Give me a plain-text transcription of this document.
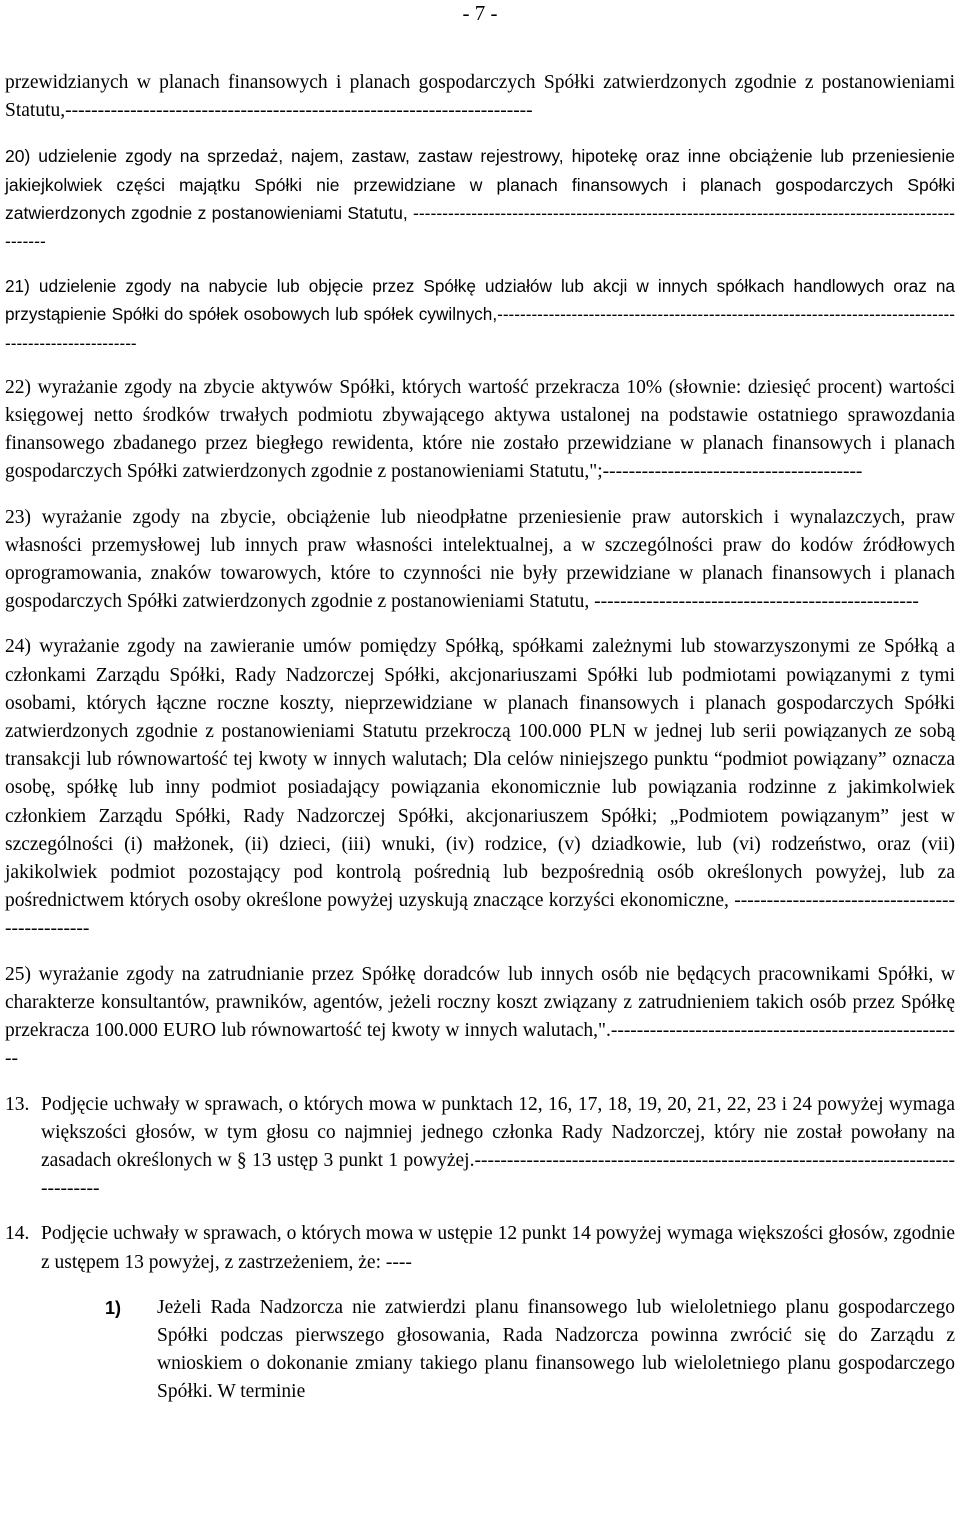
- 7 -

przewidzianych w planach finansowych i planach gospodarczych Spółki zatwierdzonych zgodnie z postanowieniami Statutu,------------------------------------------------------------------------

20) udzielenie zgody na sprzedaż, najem, zastaw, zastaw rejestrowy, hipotekę oraz inne obciążenie lub przeniesienie jakiejkolwiek części majątku Spółki nie przewidziane w planach finansowych i planach gospodarczych Spółki zatwierdzonych zgodnie z postanowieniami Statutu, ----------------------------------------------------------------------------------------------------

21) udzielenie zgody na nabycie lub objęcie przez Spółkę udziałów lub akcji w innych spółkach handlowych oraz na przystąpienie Spółki do spółek osobowych lub spółek cywilnych,-------------------------------------------------------------------------------------------------------

22) wyrażanie zgody na zbycie aktywów Spółki, których wartość przekracza 10% (słownie: dziesięć procent) wartości księgowej netto środków trwałych podmiotu zbywającego aktywa ustalonej na podstawie ostatniego sprawozdania finansowego zbadanego przez biegłego rewidenta, które nie zostało przewidziane w planach finansowych i planach gospodarczych Spółki zatwierdzonych zgodnie z postanowieniami Statutu,";----------------------------------------

23) wyrażanie zgody na zbycie, obciążenie lub nieodpłatne przeniesienie praw autorskich i wynalazczych, praw własności przemysłowej lub innych praw własności intelektualnej, a w szczególności praw do kodów źródłowych oprogramowania, znaków towarowych, które to czynności nie były przewidziane w planach finansowych i planach gospodarczych Spółki zatwierdzonych zgodnie z postanowieniami Statutu, --------------------------------------------------

24) wyrażanie zgody na zawieranie umów pomiędzy Spółką, spółkami zależnymi lub stowarzyszonymi ze Spółką a członkami Zarządu Spółki, Rady Nadzorczej Spółki, akcjonariuszami Spółki lub podmiotami powiązanymi z tymi osobami, których łączne roczne koszty, nieprzewidziane w planach finansowych i planach gospodarczych Spółki zatwierdzonych zgodnie z postanowieniami Statutu przekroczą 100.000 PLN w jednej lub serii powiązanych ze sobą transakcji lub równowartość tej kwoty w innych walutach; Dla celów niniejszego punktu “podmiot powiązany” oznacza osobę, spółkę lub inny podmiot posiadający powiązania ekonomicznie lub powiązania rodzinne z jakimkolwiek członkiem Zarządu Spółki, Rady Nadzorczej Spółki, akcjonariuszem Spółki; „Podmiotem powiązanym” jest w szczególności (i) małżonek, (ii) dzieci, (iii) wnuki, (iv) rodzice, (v) dziadkowie, lub (vi) rodzeństwo, oraz (vii) jakikolwiek podmiot pozostający pod kontrolą pośrednią lub bezpośrednią osób określonych powyżej, lub za pośrednictwem których osoby określone powyżej uzyskują znaczące korzyści ekonomiczne, -----------------------------------------------

25) wyrażanie zgody na zatrudnianie przez Spółkę doradców lub innych osób nie będących pracownikami Spółki, w charakterze konsultantów, prawników, agentów, jeżeli roczny koszt związany z zatrudnieniem takich osób przez Spółkę przekracza 100.000 EURO lub równowartość tej kwoty w innych walutach,".-------------------------------------------------------

13. Podjęcie uchwały w sprawach, o których mowa w punktach 12, 16, 17, 18, 19, 20, 21, 22, 23 i 24 powyżej wymaga większości głosów, w tym głosu co najmniej jednego członka Rady Nadzorczej, który nie został powołany na zasadach określonych w § 13 ustęp 3 punkt 1 powyżej.-----------------------------------------------------------------------------------
14. Podjęcie uchwały w sprawach, o których mowa w ustępie 12 punkt 14 powyżej wymaga większości głosów, zgodnie z ustępem 13 powyżej, z zastrzeżeniem, że: ----
1)	Jeżeli Rada Nadzorcza nie zatwierdzi planu finansowego lub wieloletniego planu gospodarczego Spółki podczas pierwszego głosowania, Rada Nadzorcza powinna zwrócić się do Zarządu z wnioskiem o dokonanie zmiany takiego planu finansowego lub wieloletniego planu gospodarczego Spółki. W terminie
